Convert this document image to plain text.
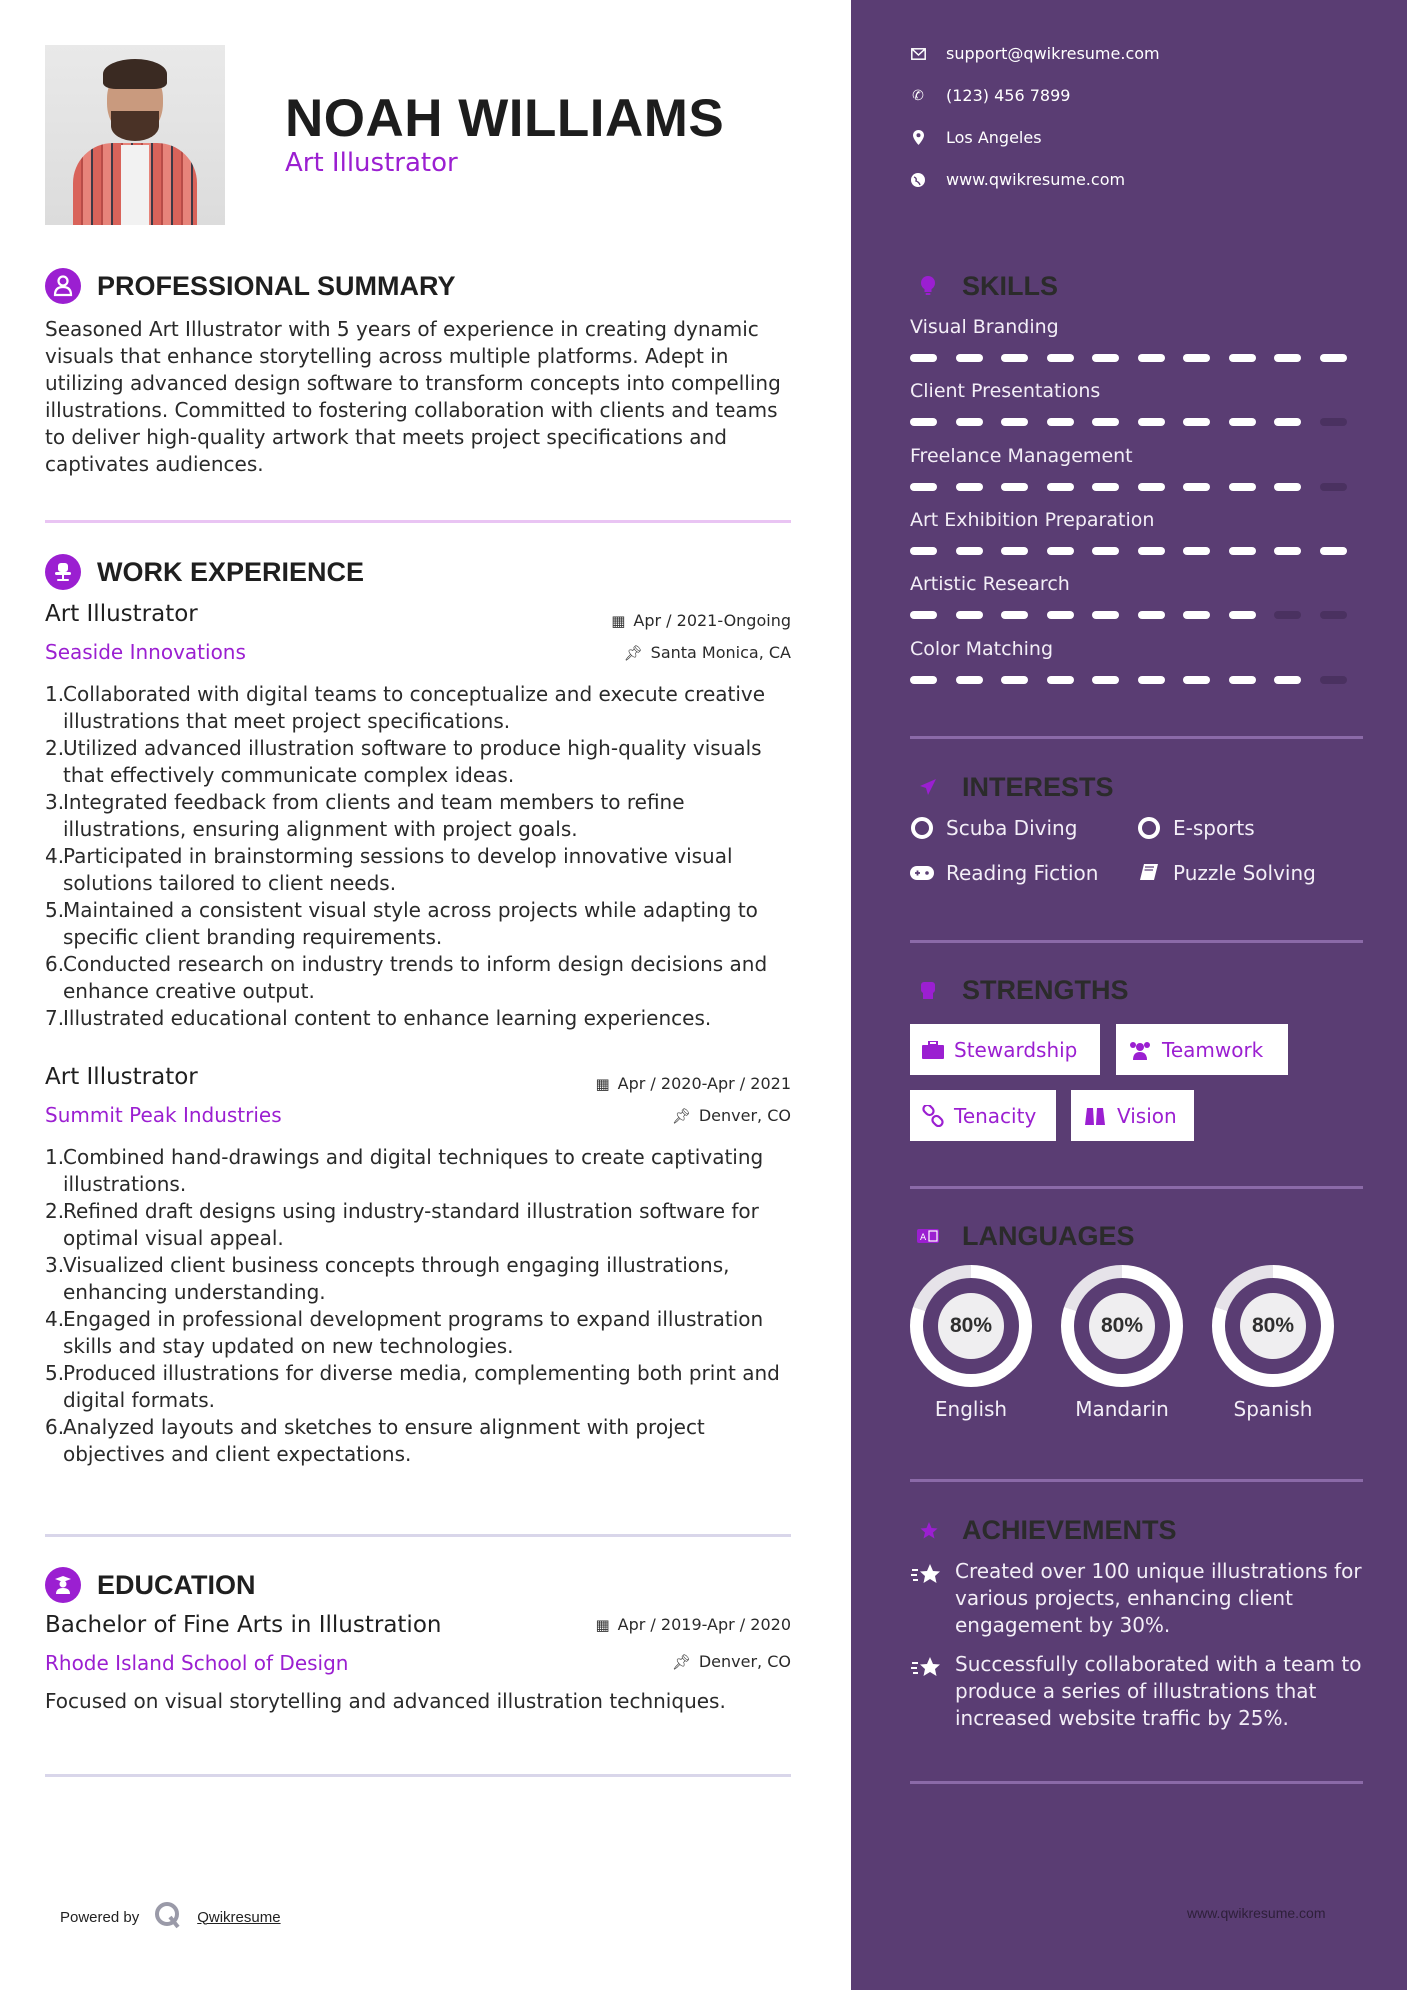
NOAH WILLIAMS
Art Illustrator
PROFESSIONAL SUMMARY
Seasoned Art Illustrator with 5 years of experience in creating dynamic visuals that enhance storytelling across multiple platforms. Adept in utilizing advanced design software to transform concepts into compelling illustrations. Committed to fostering collaboration with clients and teams to deliver high-quality artwork that meets project specifications and captivates audiences.
WORK EXPERIENCE
Art Illustrator	▦ Apr / 2021-Ongoing
Seaside Innovations	📌︎ Santa Monica, CA
1.
Collaborated with digital teams to conceptualize and execute creative illustrations that meet project specifications.
2.
Utilized advanced illustration software to produce high-quality visuals that effectively communicate complex ideas.
3.
Integrated feedback from clients and team members to refine illustrations, ensuring alignment with project goals.
4.
Participated in brainstorming sessions to develop innovative visual solutions tailored to client needs.
5.
Maintained a consistent visual style across projects while adapting to specific client branding requirements.
6.
Conducted research on industry trends to inform design decisions and enhance creative output.
7.
Illustrated educational content to enhance learning experiences.
Art Illustrator	▦ Apr / 2020-Apr / 2021
Summit Peak Industries	📌︎ Denver, CO
1.
Combined hand-drawings and digital techniques to create captivating illustrations.
2.
Refined draft designs using industry-standard illustration software for optimal visual appeal.
3.
Visualized client business concepts through engaging illustrations, enhancing understanding.
4.
Engaged in professional development programs to expand illustration skills and stay updated on new technologies.
5.
Produced illustrations for diverse media, complementing both print and digital formats.
6.
Analyzed layouts and sketches to ensure alignment with project objectives and client expectations.
EDUCATION
Bachelor of Fine Arts in Illustration	▦ Apr / 2019-Apr / 2020
Rhode Island School of Design	📌︎ Denver, CO
Focused on visual storytelling and advanced illustration techniques.
Powered by	Qwikresume
support@qwikresume.com
✆ (123) 456 7899
Los Angeles
www.qwikresume.com
SKILLS
Visual Branding
Client Presentations
Freelance Management
Art Exhibition Preparation
Artistic Research
Color Matching
INTERESTS
Scuba Diving	E-sports
Reading Fiction	Puzzle Solving
STRENGTHS
Stewardship	Teamwork
Tenacity	Vision
A LANGUAGES
80%
English
80%
Mandarin
80%
Spanish
ACHIEVEMENTS
Created over 100 unique illustrations for various projects, enhancing client engagement by 30%.
Successfully collaborated with a team to produce a series of illustrations that increased website traffic by 25%.
www.qwikresume.com
